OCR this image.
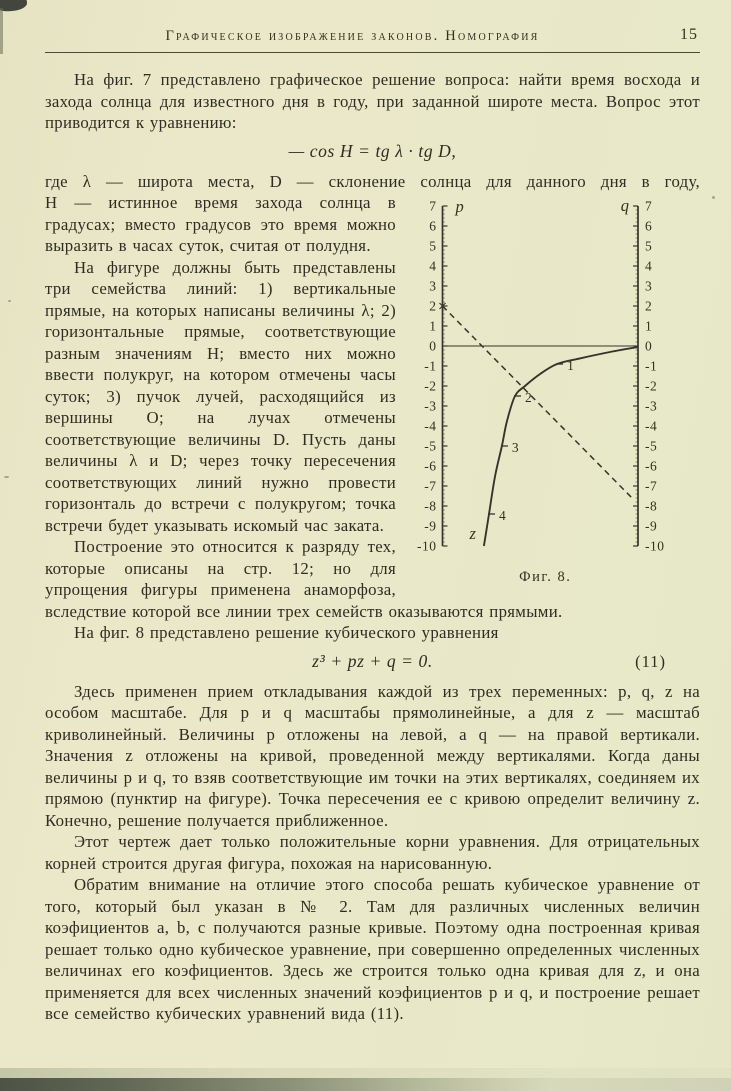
Графическое изображение законов. Номография	15

На фиг. 7 представлено графическое решение вопроса: найти время восхода и захода солнца для известного дня в году, при заданной широте места. Вопрос этот приводится к уравнению:

— cos H = tg λ · tg D,

где λ — широта места, D — склонение солнца для данного дня в году,

7
6
5
4
3
2
1
0
-1
-2
-3
-4
-5
-6
-7
-8
-9
-10
7
6
5
4
3
2
1
0
-1
-2
-3
-4
-5
-6
-7
-8
-9
-10
p	q
1
2
3
4
z
Фиг. 8.

H — истинное время захода солнца в градусах; вместо градусов это время можно выразить в часах суток, считая от полудня.

На фигуре должны быть представлены три семейства линий: 1) вертикальные прямые, на которых написаны величины λ; 2) горизонтальные прямые, соответствующие разным значениям H; вместо них можно ввести полукруг, на котором отмечены часы суток; 3) пучок лучей, расходящийся из вершины O; на лучах отмечены соответствующие величины D. Пусть даны величины λ и D; через точку пересечения соответствующих линий нужно провести горизонталь до встречи с полукругом; точка встречи будет указывать искомый час заката.

Построение это относится к разряду тех, которые описаны на стр. 12; но для упрощения фигуры применена анаморфоза, вследствие которой все линии трех семейств оказываются прямыми.

На фиг. 8 представлено решение кубического уравнения

z³ + pz + q = 0.	(11)

Здесь применен прием откладывания каждой из трех переменных: p, q, z на особом масштабе. Для p и q масштабы прямолинейные, а для z — масштаб криволинейный. Величины p отложены на левой, а q — на правой вертикали. Значения z отложены на кривой, проведенной между вертикалями. Когда даны величины p и q, то взяв соответствующие им точки на этих вертикалях, соединяем их прямою (пунктир на фигуре). Точка пересечения ее с кривою определит величину z. Конечно, решение получается приближенное.

Этот чертеж дает только положительные корни уравнения. Для отрицательных корней строится другая фигура, похожая на нарисованную.

Обратим внимание на отличие этого способа решать кубическое уравнение от того, который был указан в № 2. Там для различных численных величин коэфициентов a, b, c получаются разные кривые. Поэтому одна построенная кривая решает только одно кубическое уравнение, при совершенно определенных численных величинах его коэфициентов. Здесь же строится только одна кривая для z, и она применяется для всех численных значений коэфициентов p и q, и построение решает все семейство кубических уравнений вида (11).
